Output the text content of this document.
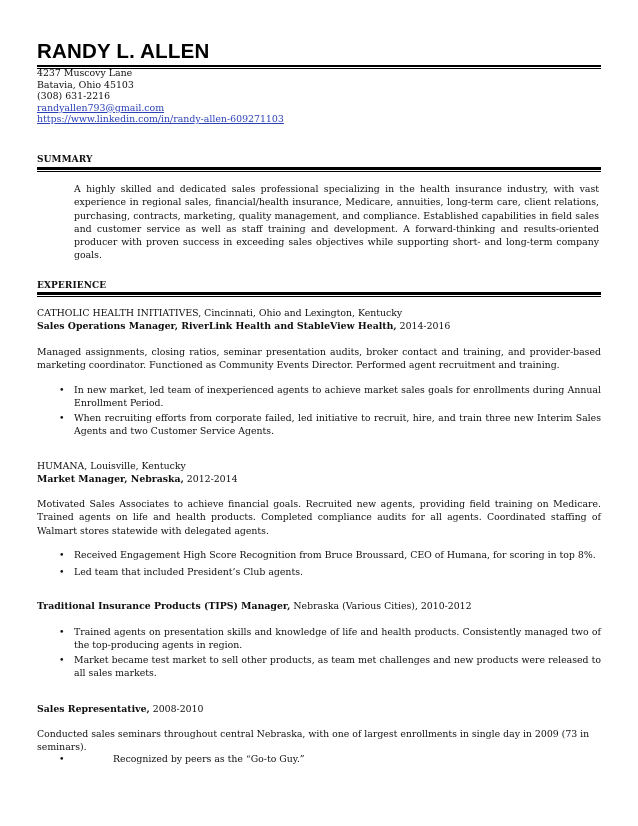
RANDY L. ALLEN
4237 Muscovy Lane
Batavia, Ohio 45103
(308) 631-2216
randyallen793@gmail.com
https://www.linkedin.com/in/randy-allen-609271103
SUMMARY
A highly skilled and dedicated sales professional specializing in the health insurance industry, with vast experience in regional sales, financial/health insurance, Medicare, annuities, long-term care, client relations, purchasing, contracts, marketing, quality management, and compliance. Established capabilities in field sales and customer service as well as staff training and development. A forward-thinking and results-oriented producer with proven success in exceeding sales objectives while supporting short- and long-term company goals.
EXPERIENCE
CATHOLIC HEALTH INITIATIVES, Cincinnati, Ohio and Lexington, Kentucky
Sales Operations Manager, RiverLink Health and StableView Health, 2014-2016
Managed assignments, closing ratios, seminar presentation audits, broker contact and training, and provider-based marketing coordinator. Functioned as Community Events Director. Performed agent recruitment and training.
• In new market, led team of inexperienced agents to achieve market sales goals for enrollments during Annual Enrollment Period.
• When recruiting efforts from corporate failed, led initiative to recruit, hire, and train three new Interim Sales Agents and two Customer Service Agents.
HUMANA, Louisville, Kentucky
Market Manager, Nebraska, 2012-2014
Motivated Sales Associates to achieve financial goals. Recruited new agents, providing field training on Medicare. Trained agents on life and health products. Completed compliance audits for all agents. Coordinated staffing of Walmart stores statewide with delegated agents.
• Received Engagement High Score Recognition from Bruce Broussard, CEO of Humana, for scoring in top 8%.
• Led team that included President’s Club agents.
Traditional Insurance Products (TIPS) Manager, Nebraska (Various Cities), 2010-2012
• Trained agents on presentation skills and knowledge of life and health products. Consistently managed two of the top-producing agents in region.
• Market became test market to sell other products, as team met challenges and new products were released to all sales markets.
Sales Representative, 2008-2010
Conducted sales seminars throughout central Nebraska, with one of largest enrollments in single day in 2009 (73 in seminars).
•	Recognized by peers as the “Go-to Guy.”
